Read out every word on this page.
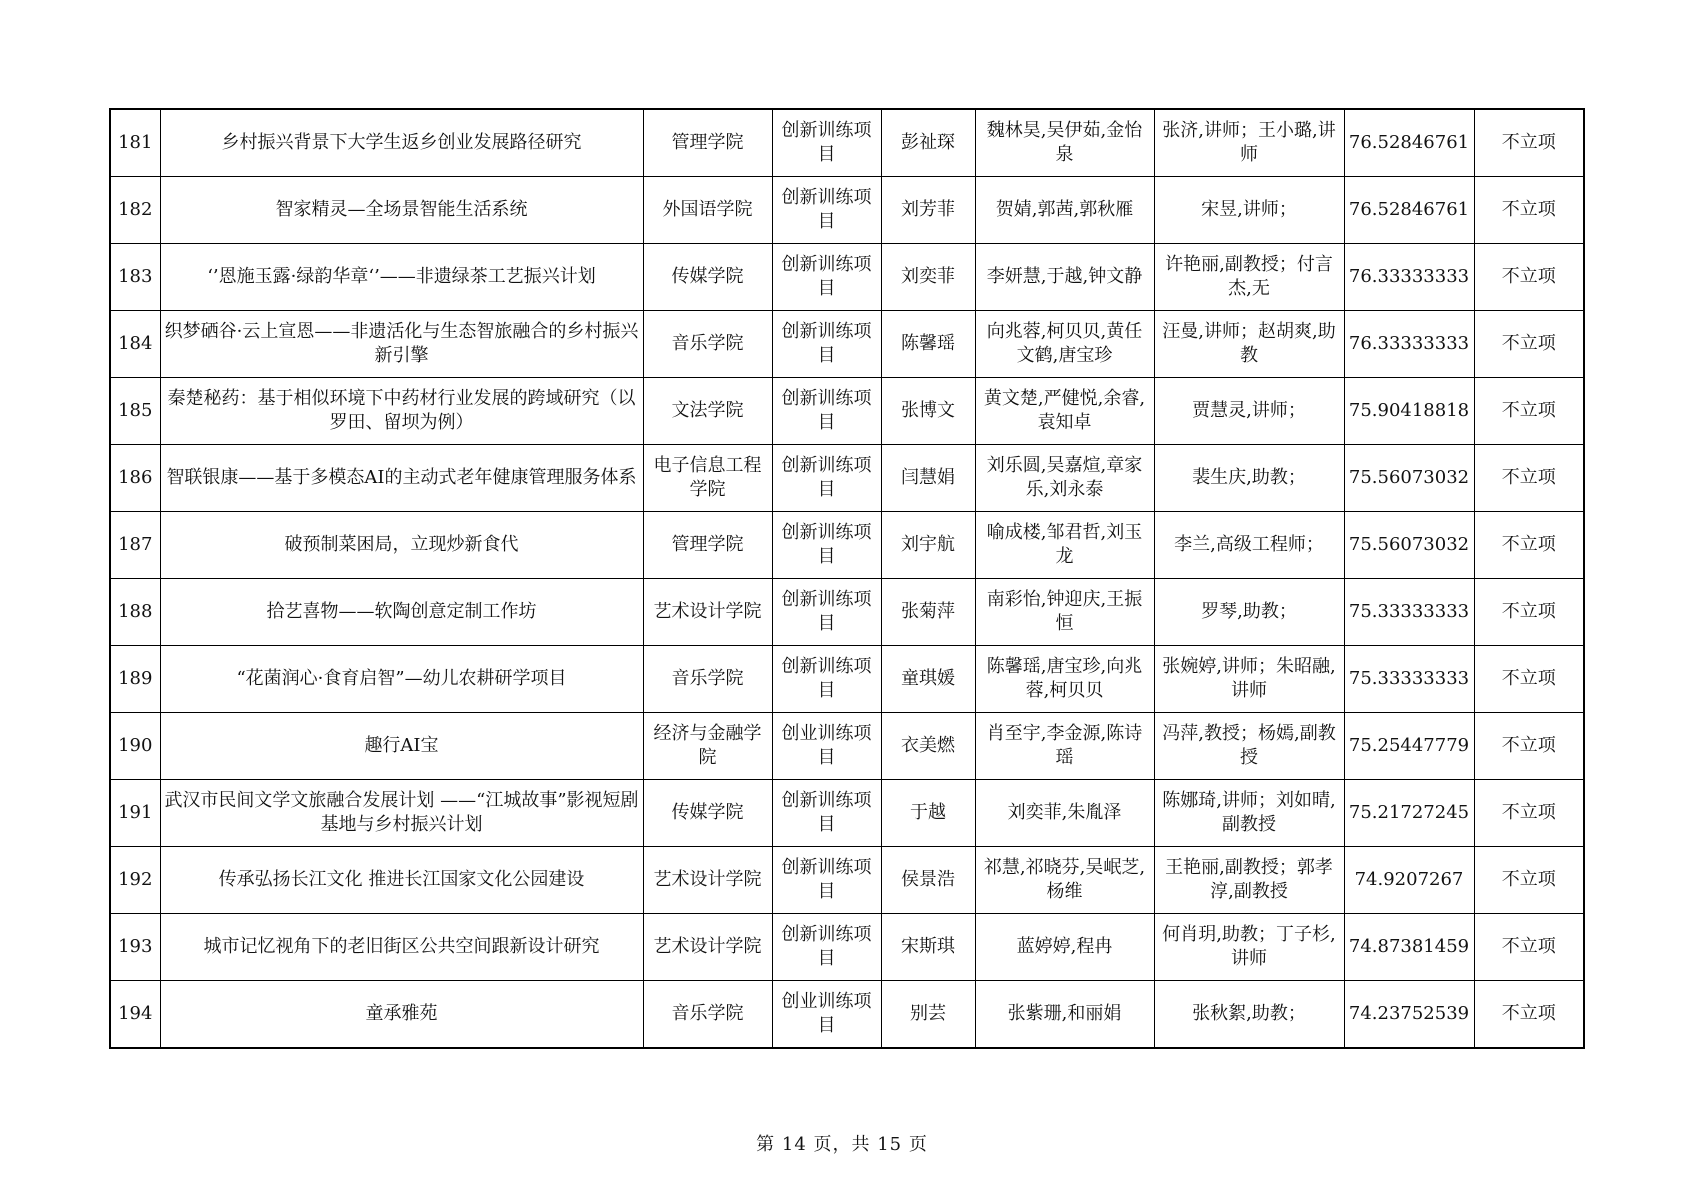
181	乡村振兴背景下大学生返乡创业发展路径研究	管理学院	创新训练项目	彭祉琛	魏林昊,吴伊茹,金怡泉	张济,讲师；王小璐,讲师	76.52846761	不立项
182	智家精灵—全场景智能生活系统	外国语学院	创新训练项目	刘芳菲	贺婧,郭茜,郭秋雁	宋昱,讲师；	76.52846761	不立项
183	‘’恩施玉露·绿韵华章‘’——非遗绿茶工艺振兴计划	传媒学院	创新训练项目	刘奕菲	李妍慧,于越,钟文静	许艳丽,副教授；付言杰,无	76.33333333	不立项
184	织梦硒谷·云上宣恩——非遗活化与生态智旅融合的乡村振兴新引擎	音乐学院	创新训练项目	陈馨瑶	向兆蓉,柯贝贝,黄任文鹤,唐宝珍	汪曼,讲师；赵胡爽,助教	76.33333333	不立项
185	秦楚秘药：基于相似环境下中药材行业发展的跨域研究（以罗田、留坝为例）	文法学院	创新训练项目	张博文	黄文楚,严健悦,余睿,袁知卓	贾慧灵,讲师；	75.90418818	不立项
186	智联银康——基于多模态AI的主动式老年健康管理服务体系	电子信息工程学院	创新训练项目	闫慧娟	刘乐圆,吴嘉煊,章家乐,刘永泰	裴生庆,助教；	75.56073032	不立项
187	破预制菜困局，立现炒新食代	管理学院	创新训练项目	刘宇航	喻成楼,邹君哲,刘玉龙	李兰,高级工程师；	75.56073032	不立项
188	拾艺喜物——软陶创意定制工作坊	艺术设计学院	创新训练项目	张菊萍	南彩怡,钟迎庆,王振恒	罗琴,助教；	75.33333333	不立项
189	“花菌润心·食育启智”—幼儿农耕研学项目	音乐学院	创新训练项目	童琪媛	陈馨瑶,唐宝珍,向兆蓉,柯贝贝	张婉婷,讲师；朱昭融,讲师	75.33333333	不立项
190	趣行AI宝	经济与金融学院	创业训练项目	衣美燃	肖至宇,李金源,陈诗瑶	冯萍,教授；杨嫣,副教授	75.25447779	不立项
191	武汉市民间文学文旅融合发展计划 ——“江城故事”影视短剧基地与乡村振兴计划	传媒学院	创新训练项目	于越	刘奕菲,朱胤泽	陈娜琦,讲师；刘如晴,副教授	75.21727245	不立项
192	传承弘扬长江文化 推进长江国家文化公园建设	艺术设计学院	创新训练项目	侯景浩	祁慧,祁晓芬,吴岷芝,杨维	王艳丽,副教授；郭孝淳,副教授	74.9207267	不立项
193	城市记忆视角下的老旧街区公共空间跟新设计研究	艺术设计学院	创新训练项目	宋斯琪	蓝婷婷,程冉	何肖玥,助教；丁子杉,讲师	74.87381459	不立项
194	童承雅苑	音乐学院	创业训练项目	别芸	张紫珊,和丽娟	张秋絮,助教；	74.23752539	不立项
第 14 页，共 15 页
